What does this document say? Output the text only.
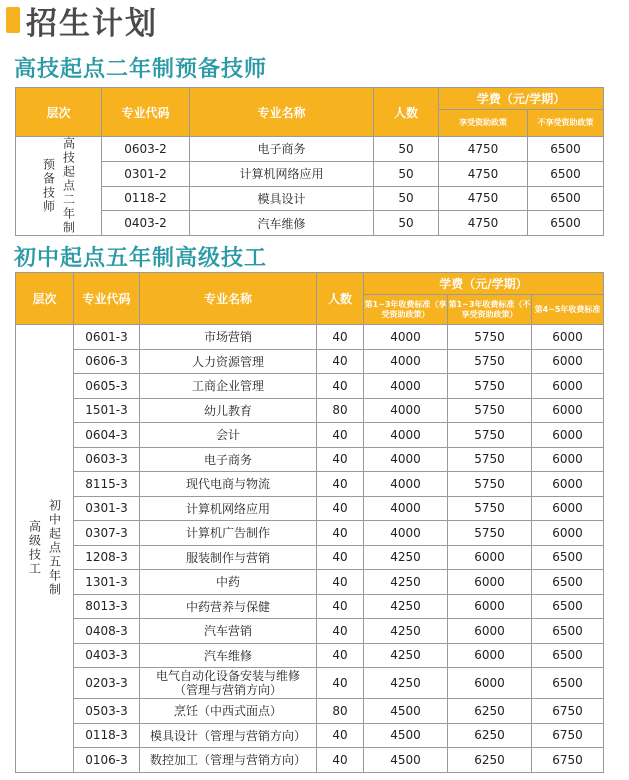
招生计划
高技起点二年制预备技师
层次	专业代码	专业名称	人数	学费（元/学期）	
				享受资助政策	不享受资助政策

高技起点二年制
预备技师	0603-2	电子商务	50	4750	6500
	0301-2	计算机网络应用	50	4750	6500
	0118-2	模具设计	50	4750	6500
	0403-2	汽车维修	50	4750	6500
初中起点五年制高级技工
层次	专业代码	专业名称	人数	学费（元/学期）		
				第1~3年收费标准（享受资助政策）	第1~3年收费标准（不享受资助政策）	第4~5年收费标准

初中起点五年制
高级技工	0601-3	市场营销	40	4000	5750	6000
	0606-3	人力资源管理	40	4000	5750	6000
	0605-3	工商企业管理	40	4000	5750	6000
	1501-3	幼儿教育	80	4000	5750	6000
	0604-3	会计	40	4000	5750	6000
	0603-3	电子商务	40	4000	5750	6000
	8115-3	现代电商与物流	40	4000	5750	6000
	0301-3	计算机网络应用	40	4000	5750	6000
	0307-3	计算机广告制作	40	4000	5750	6000
	1208-3	服装制作与营销	40	4250	6000	6500
	1301-3	中药	40	4250	6000	6500
	8013-3	中药营养与保健	40	4250	6000	6500
	0408-3	汽车营销	40	4250	6000	6500
	0403-3	汽车维修	40	4250	6000	6500
	0203-3	电气自动化设备安装与维修
（管理与营销方向）	40	4250	6000	6500
	0503-3	烹饪（中西式面点）	80	4500	6250	6750
	0118-3	模具设计（管理与营销方向）	40	4500	6250	6750
	0106-3	数控加工（管理与营销方向）	40	4500	6250	6750
